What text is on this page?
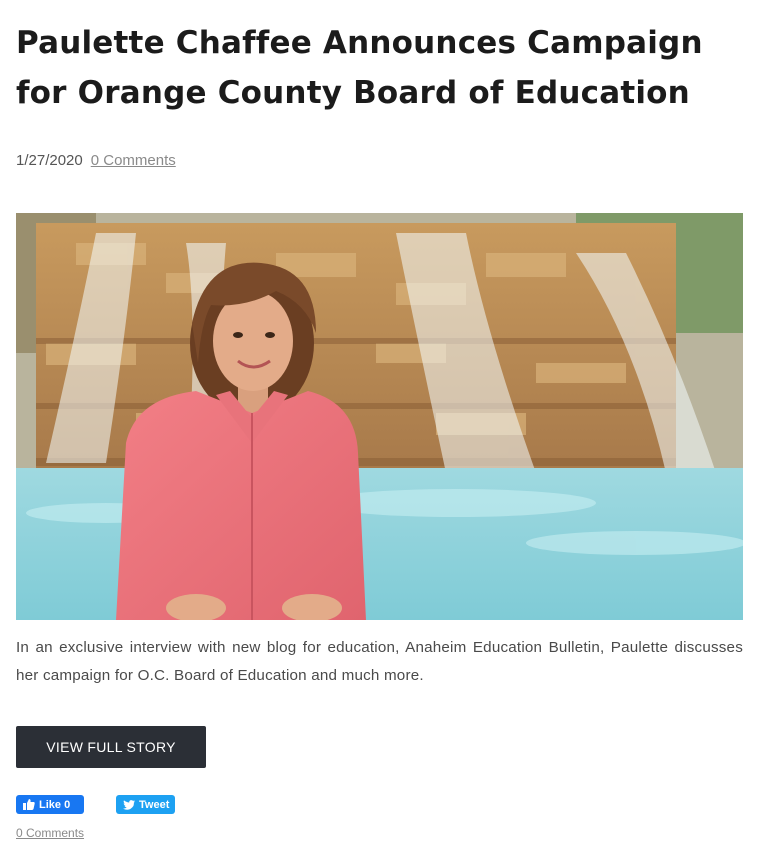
Paulette Chaffee Announces Campaign for Orange County Board of Education
1/27/2020 0 Comments

In an exclusive interview with new blog for education, Anaheim Education Bulletin, Paulette discusses her campaign for O.C. Board of Education and much more.

VIEW FULL STORY
Like 0	Tweet
0 Comments
